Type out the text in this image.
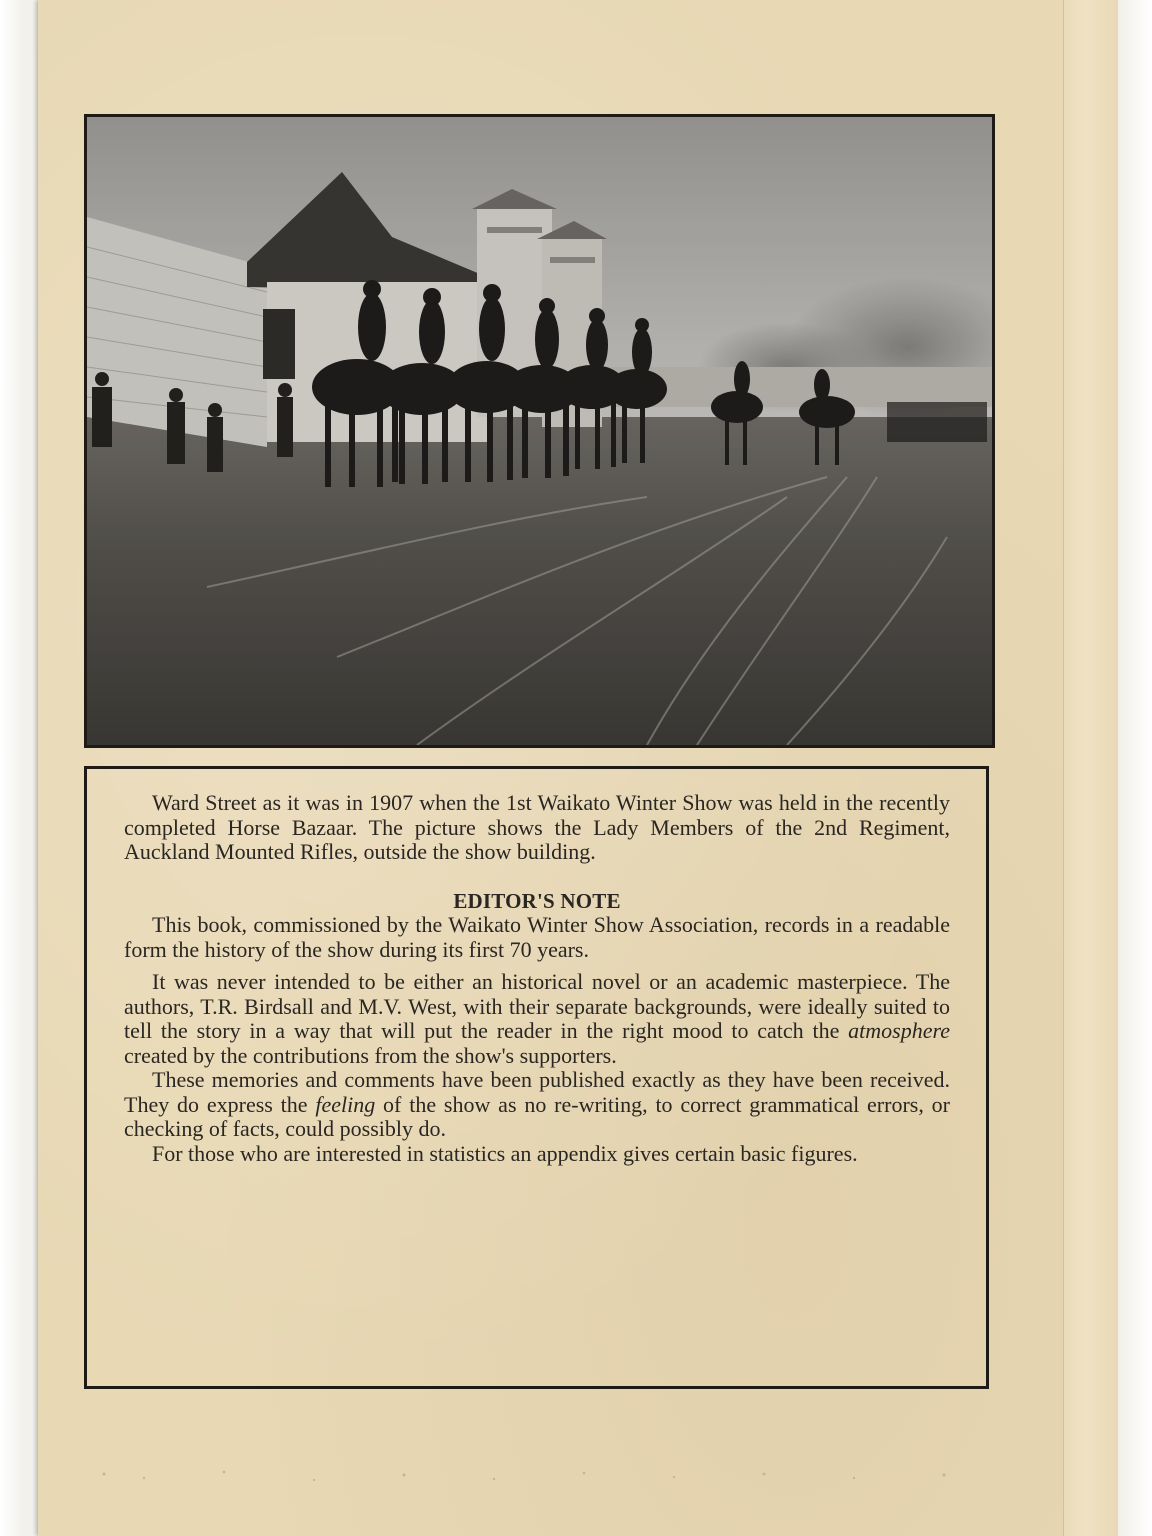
Ward Street as it was in 1907 when the 1st Waikato Winter Show was held in the recently completed Horse Bazaar. The picture shows the Lady Members of the 2nd Regiment, Auckland Mounted Rifles, outside the show building.

EDITOR'S NOTE

This book, commissioned by the Waikato Winter Show Association, records in a readable form the history of the show during its first 70 years.

It was never intended to be either an historical novel or an academic masterpiece. The authors, T.R. Birdsall and M.V. West, with their separate backgrounds, were ideally suited to tell the story in a way that will put the reader in the right mood to catch the atmosphere created by the contributions from the show's supporters.

These memories and comments have been published exactly as they have been received. They do express the feeling of the show as no re-writing, to correct grammatical errors, or checking of facts, could possibly do.

For those who are interested in statistics an appendix gives certain basic figures.
